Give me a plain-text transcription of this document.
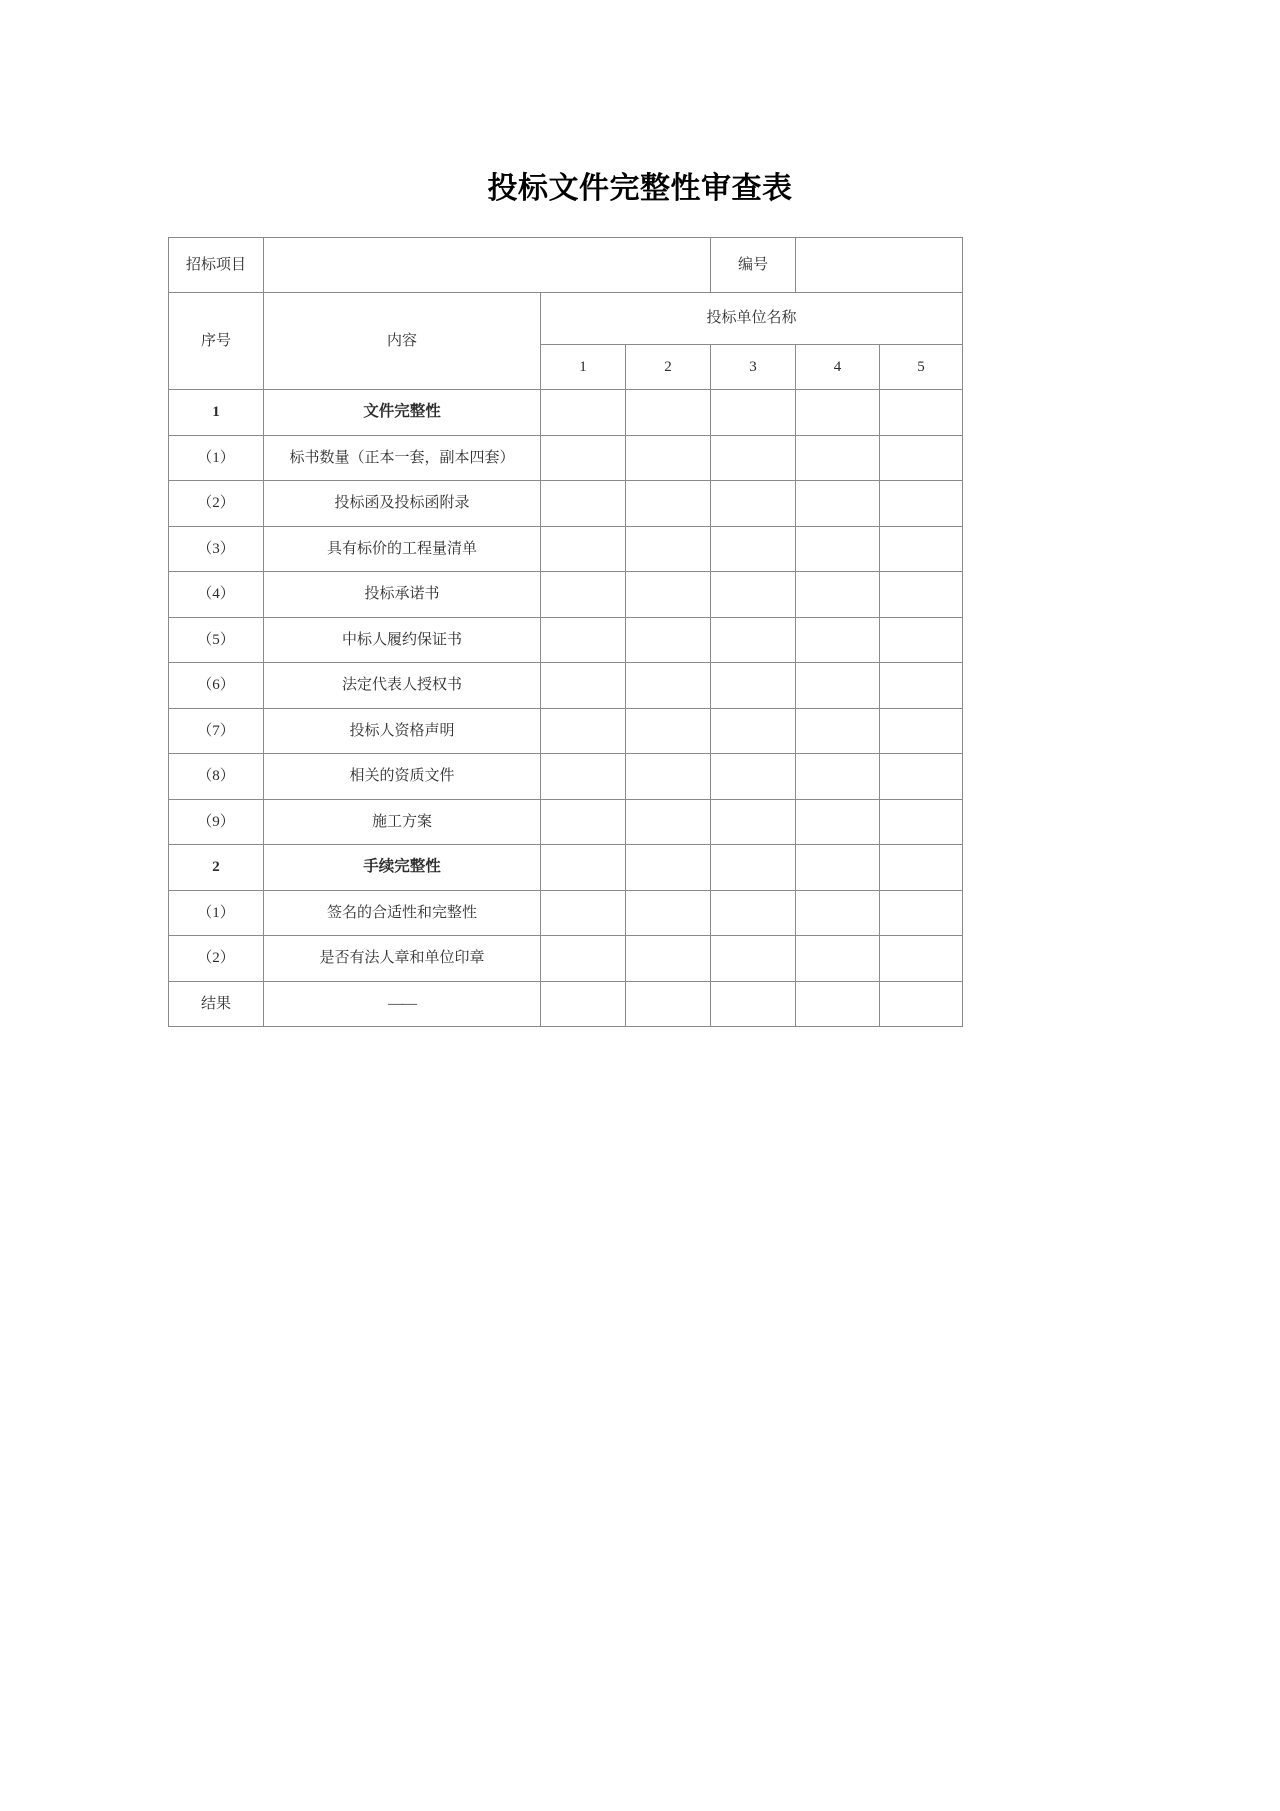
投标文件完整性审查表
招标项目				编号		
序号	内容	投标单位名称				
		1	2	3	4	5
1	文件完整性					
（1）	标书数量（正本一套，副本四套）					
（2）	投标函及投标函附录					
（3）	具有标价的工程量清单					
（4）	投标承诺书					
（5）	中标人履约保证书					
（6）	法定代表人授权书					
（7）	投标人资格声明					
（8）	相关的资质文件					
（9）	施工方案					
2	手续完整性					
（1）	签名的合适性和完整性					
（2）	是否有法人章和单位印章					
结果	——					
